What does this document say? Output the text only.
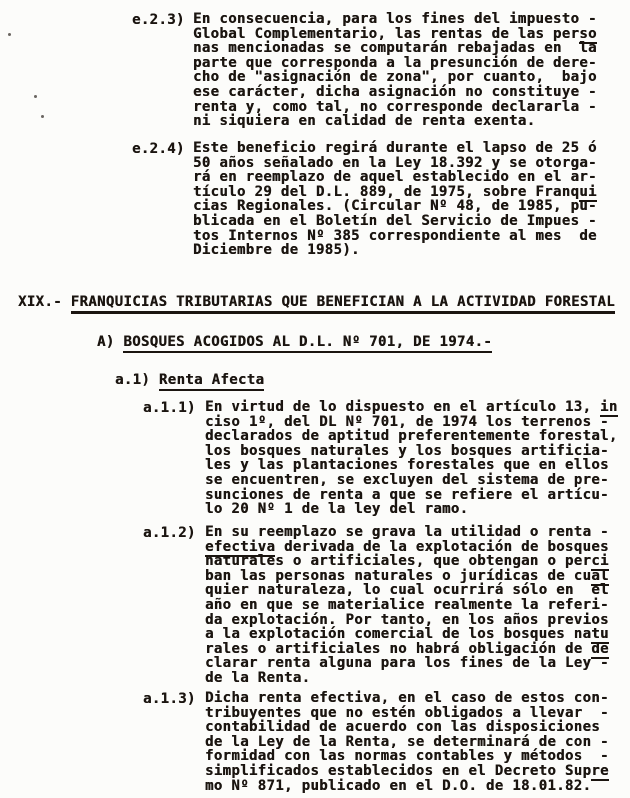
e.2.3) En consecuencia, para los fines del impuesto -
Global Complementario, las rentas de las perso
nas mencionadas se computarán rebajadas en  la
parte que corresponda a la presunción de dere-
cho de "asignación de zona", por cuanto,  bajo
ese carácter, dicha asignación no constituye -
renta y, como tal, no corresponde declararla -
ni siquiera en calidad de renta exenta.
e.2.4) Este beneficio regirá durante el lapso de 25 ó
50 años señalado en la Ley 18.392 y se otorga-
rá en reemplazo de aquel establecido en el ar-
tículo 29 del D.L. 889, de 1975, sobre Franqui
cias Regionales. (Circular Nº 48, de 1985, pu-
blicada en el Boletín del Servicio de Impues -
tos Internos Nº 385 correspondiente al mes  de
Diciembre de 1985).
XIX.- FRANQUICIAS TRIBUTARIAS QUE BENEFICIAN A LA ACTIVIDAD FORESTAL
A) BOSQUES ACOGIDOS AL D.L. Nº 701, DE 1974.-
a.1) Renta Afecta
a.1.1) En virtud de lo dispuesto en el artículo 13, in
ciso 1º, del DL Nº 701, de 1974 los terrenos -
declarados de aptitud preferentemente forestal,
los bosques naturales y los bosques artificia-
les y las plantaciones forestales que en ellos
se encuentren, se excluyen del sistema de pre-
sunciones de renta a que se refiere el artícu-
lo 20 Nº 1 de la ley del ramo.
a.1.2) En su reemplazo se grava la utilidad o renta -
efectiva derivada de la explotación de bosques
naturales o artificiales, que obtengan o perci
ban las personas naturales o jurídicas de cual
quier naturaleza, lo cual ocurrirá sólo en  el
año en que se materialice realmente la referi-
da explotación. Por tanto, en los años previos
a la explotación comercial de los bosques natu
rales o artificiales no habrá obligación de de
clarar renta alguna para los fines de la Ley -
de la Renta.
a.1.3) Dicha renta efectiva, en el caso de estos con-
tribuyentes que no estén obligados a llevar  -
contabilidad de acuerdo con las disposiciones
de la Ley de la Renta, se determinará de con -
formidad con las normas contables y métodos  -
simplificados establecidos en el Decreto Supre
mo Nº 871, publicado en el D.O. de 18.01.82.
